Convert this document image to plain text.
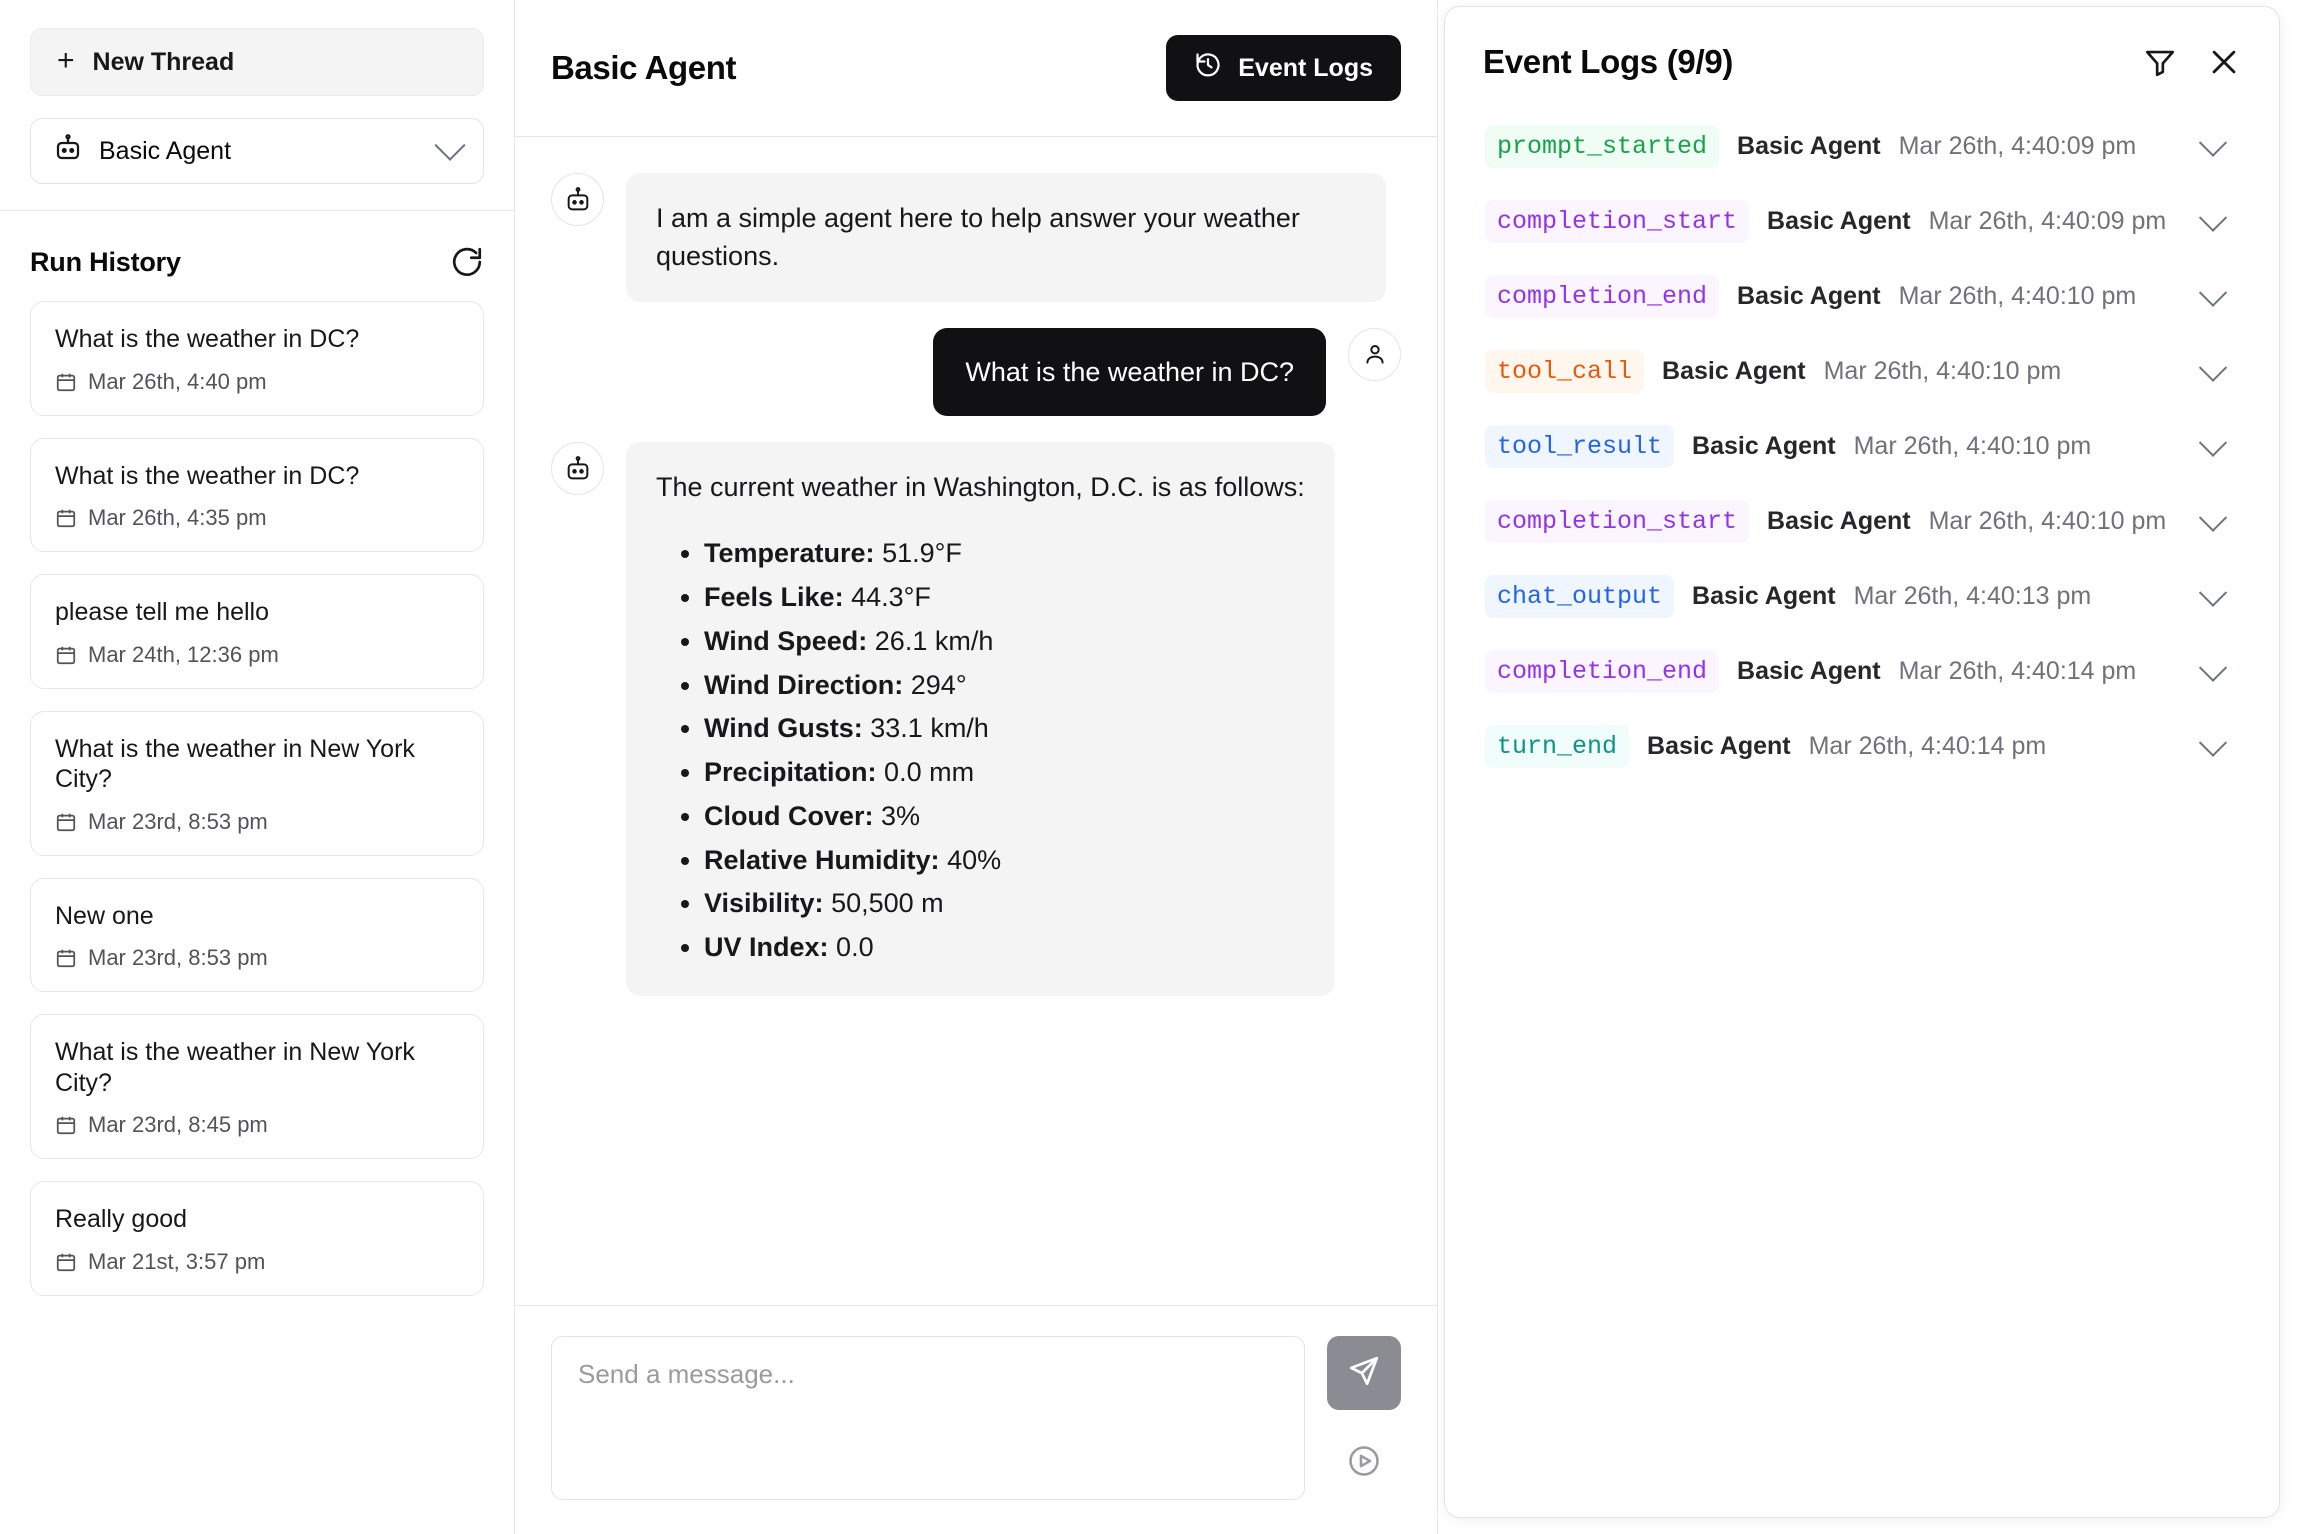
+ New Thread
Basic Agent
Run History
What is the weather in DC?
Mar 26th, 4:40 pm
What is the weather in DC?
Mar 26th, 4:35 pm
please tell me hello
Mar 24th, 12:36 pm
What is the weather in New York City?
Mar 23rd, 8:53 pm
New one
Mar 23rd, 8:53 pm
What is the weather in New York City?
Mar 23rd, 8:45 pm
Really good
Mar 21st, 3:57 pm
Basic Agent	Event Logs
I am a simple agent here to help answer your weather questions.
What is the weather in DC?
The current weather in Washington, D.C. is as follows:
• Temperature: 51.9°F
• Feels Like: 44.3°F
• Wind Speed: 26.1 km/h
• Wind Direction: 294°
• Wind Gusts: 33.1 km/h
• Precipitation: 0.0 mm
• Cloud Cover: 3%
• Relative Humidity: 40%
• Visibility: 50,500 m
• UV Index: 0.0
Send a message...
Event Logs (9/9)
prompt_started	Basic Agent Mar 26th, 4:40:09 pm
completion_start	Basic Agent Mar 26th, 4:40:09 pm
completion_end	Basic Agent Mar 26th, 4:40:10 pm
tool_call	Basic Agent Mar 26th, 4:40:10 pm
tool_result	Basic Agent Mar 26th, 4:40:10 pm
completion_start	Basic Agent Mar 26th, 4:40:10 pm
chat_output	Basic Agent Mar 26th, 4:40:13 pm
completion_end	Basic Agent Mar 26th, 4:40:14 pm
turn_end	Basic Agent Mar 26th, 4:40:14 pm
